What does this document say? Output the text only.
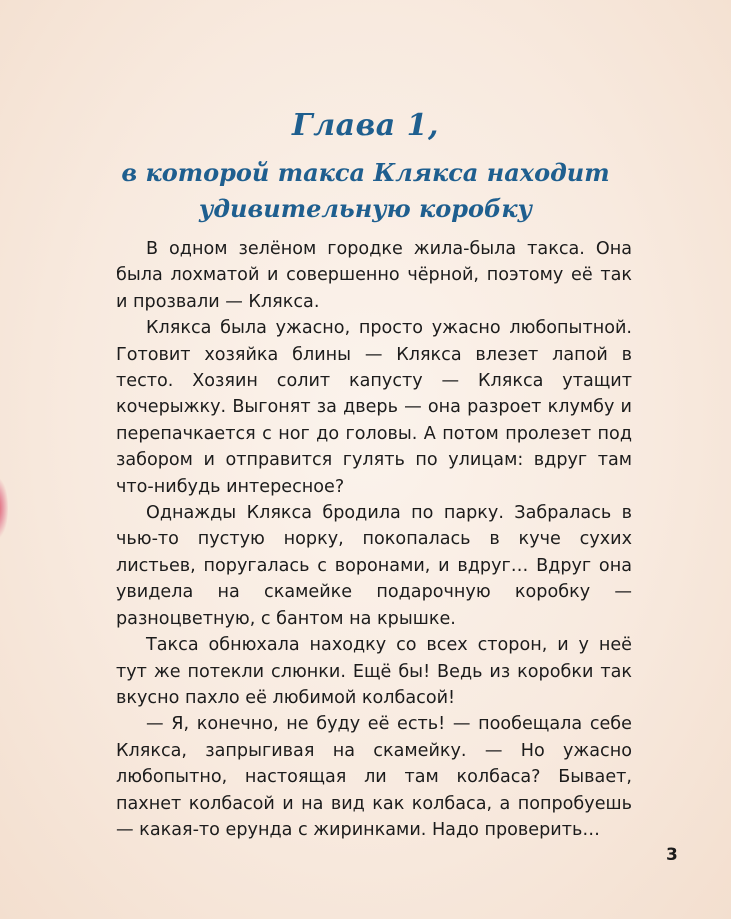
Глава 1,
в которой такса Клякса находит удивительную коробку

В одном зелёном городке жила-была такса. Она была лохматой и совершенно чёрной, поэтому её так и прозвали — Клякса.

Клякса была ужасно, просто ужасно любопытной. Готовит хозяйка блины — Клякса влезет лапой в тесто. Хозяин солит капусту — Клякса утащит кочерыжку. Выгонят за дверь — она разроет клумбу и перепачкается с ног до головы. А потом пролезет под забором и отправится гулять по улицам: вдруг там что-нибудь интересное?

Однажды Клякса бродила по парку. Забралась в чью-то пустую норку, покопалась в куче сухих листьев, поругалась с воронами, и вдруг… Вдруг она увидела на скамейке подарочную коробку — разноцветную, с бантом на крышке.

Такса обнюхала находку со всех сторон, и у неё тут же потекли слюнки. Ещё бы! Ведь из коробки так вкусно пахло её любимой колбасой!

— Я, конечно, не буду её есть! — пообещала себе Клякса, запрыгивая на скамейку. — Но ужасно любопытно, настоящая ли там колбаса? Бывает, пахнет колбасой и на вид как колбаса, а попробуешь — какая-то ерунда с жиринками. Надо проверить…

3
